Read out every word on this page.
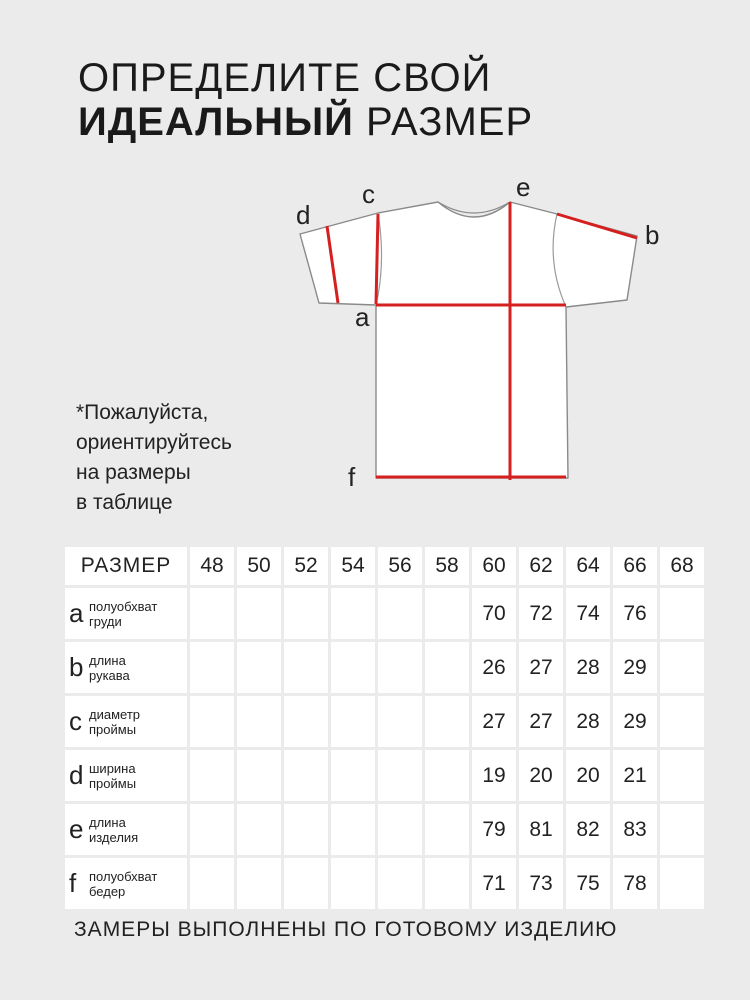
ОПРЕДЕЛИТЕ СВОЙ
ИДЕАЛЬНЫЙ РАЗМЕР
*Пожалуйста,
ориентируйтесь
на размеры
в таблице
a
b
c
d
e
f
РАЗМЕР	48	50	52	54	56	58	60	62	64	66	68
a полуобхват
груди							70	72	74	76	
b длина
рукава							26	27	28	29	
c диаметр
проймы							27	27	28	29	
d ширина
проймы							19	20	20	21	
e длина
изделия							79	81	82	83	
f полуобхват
бедер							71	73	75	78	
ЗАМЕРЫ ВЫПОЛНЕНЫ ПО ГОТОВОМУ ИЗДЕЛИЮ
